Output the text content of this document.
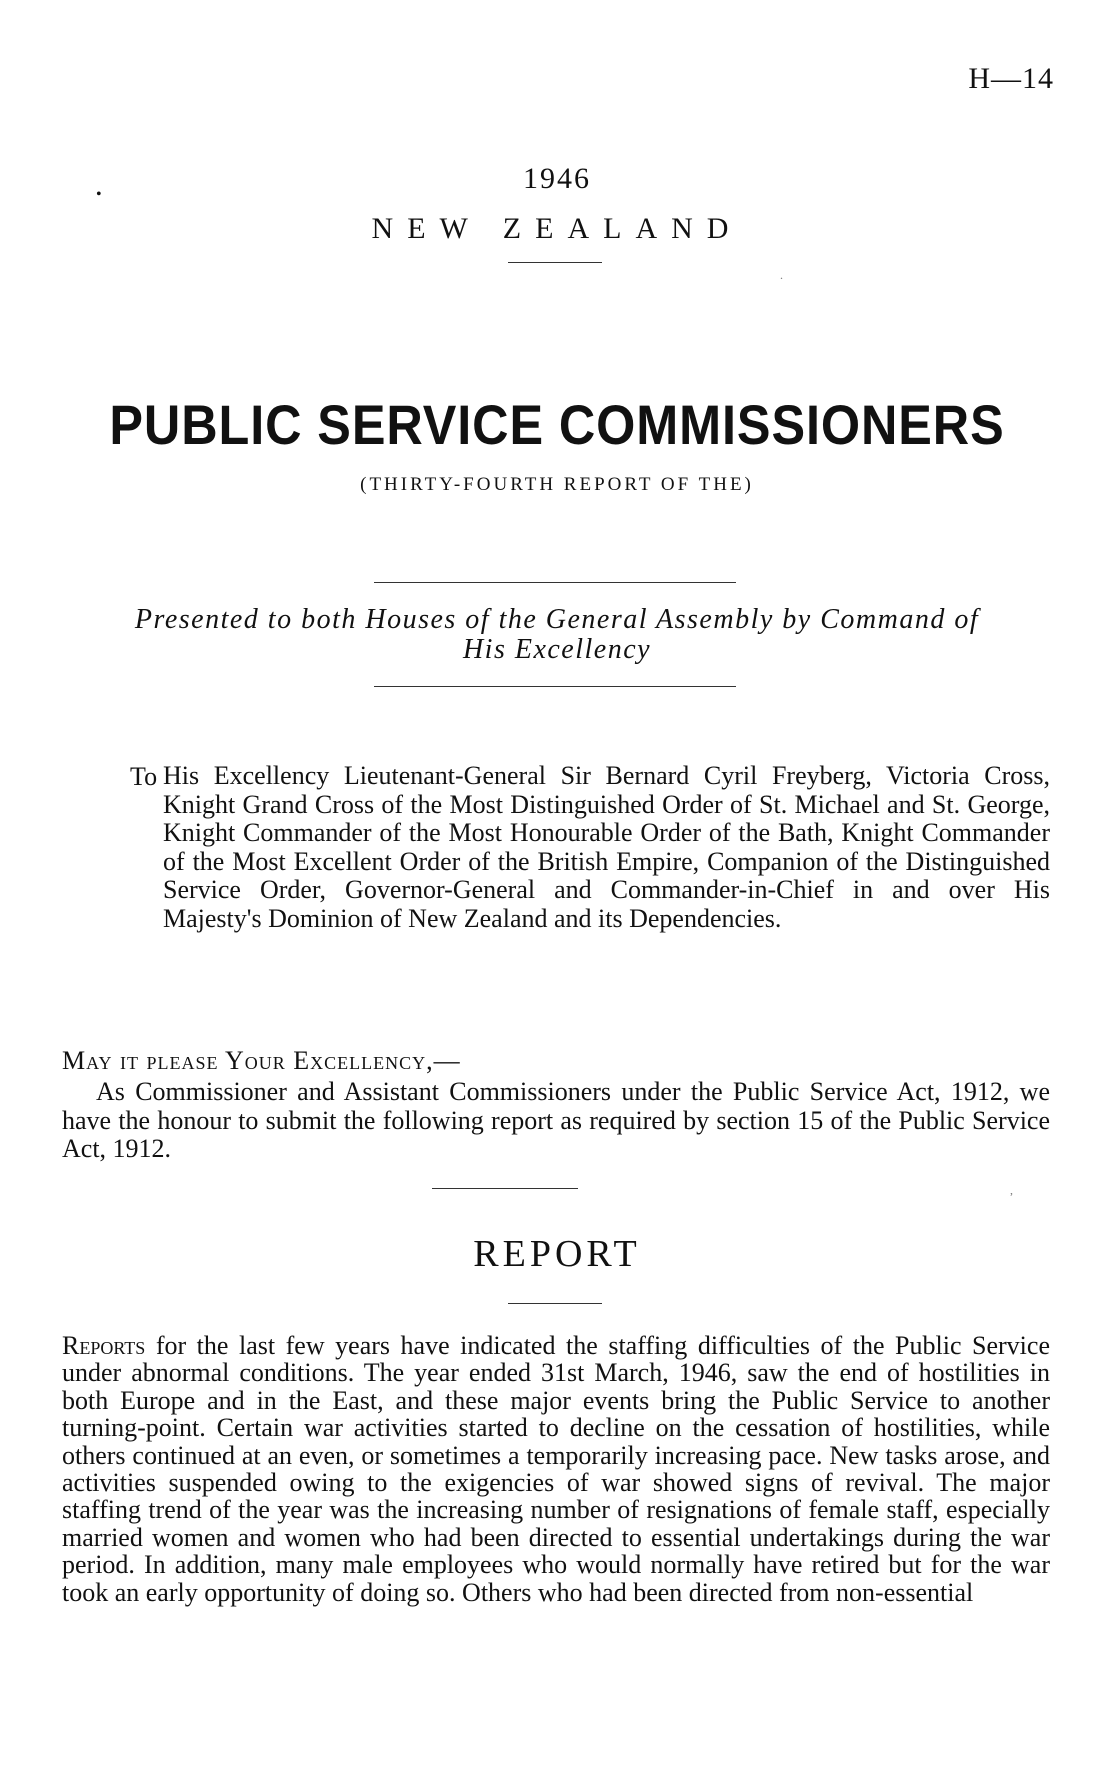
H—14
•
.
,
1946
NEW ZEALAND
PUBLIC SERVICE COMMISSIONERS
(THIRTY-FOURTH REPORT OF THE)
Presented to both Houses of the General Assembly by Command of
His Excellency
To His Excellency Lieutenant-General Sir Bernard Cyril Freyberg, Victoria Cross, Knight Grand Cross of the Most Distinguished Order of St. Michael and St. George, Knight Commander of the Most Honourable Order of the Bath, Knight Commander of the Most Excellent Order of the British Empire, Companion of the Distinguished Service Order, Governor-General and Commander-in-Chief in and over His Majesty's Dominion of New Zealand and its Dependencies.
May it please Your Excellency,—
As Commissioner and Assistant Commissioners under the Public Service Act, 1912, we have the honour to submit the following report as required by section 15 of the Public Service Act, 1912.
REPORT
Reports for the last few years have indicated the staffing difficulties of the Public Service under abnormal conditions. The year ended 31st March, 1946, saw the end of hostilities in both Europe and in the East, and these major events bring the Public Service to another turning-point. Certain war activities started to decline on the cessation of hostilities, while others continued at an even, or sometimes a temporarily increasing pace. New tasks arose, and activities suspended owing to the exigencies of war showed signs of revival. The major staffing trend of the year was the increasing number of resignations of female staff, especially married women and women who had been directed to essential undertakings during the war period. In addition, many male employees who would normally have retired but for the war took an early opportunity of doing so. Others who had been directed from non-essential
